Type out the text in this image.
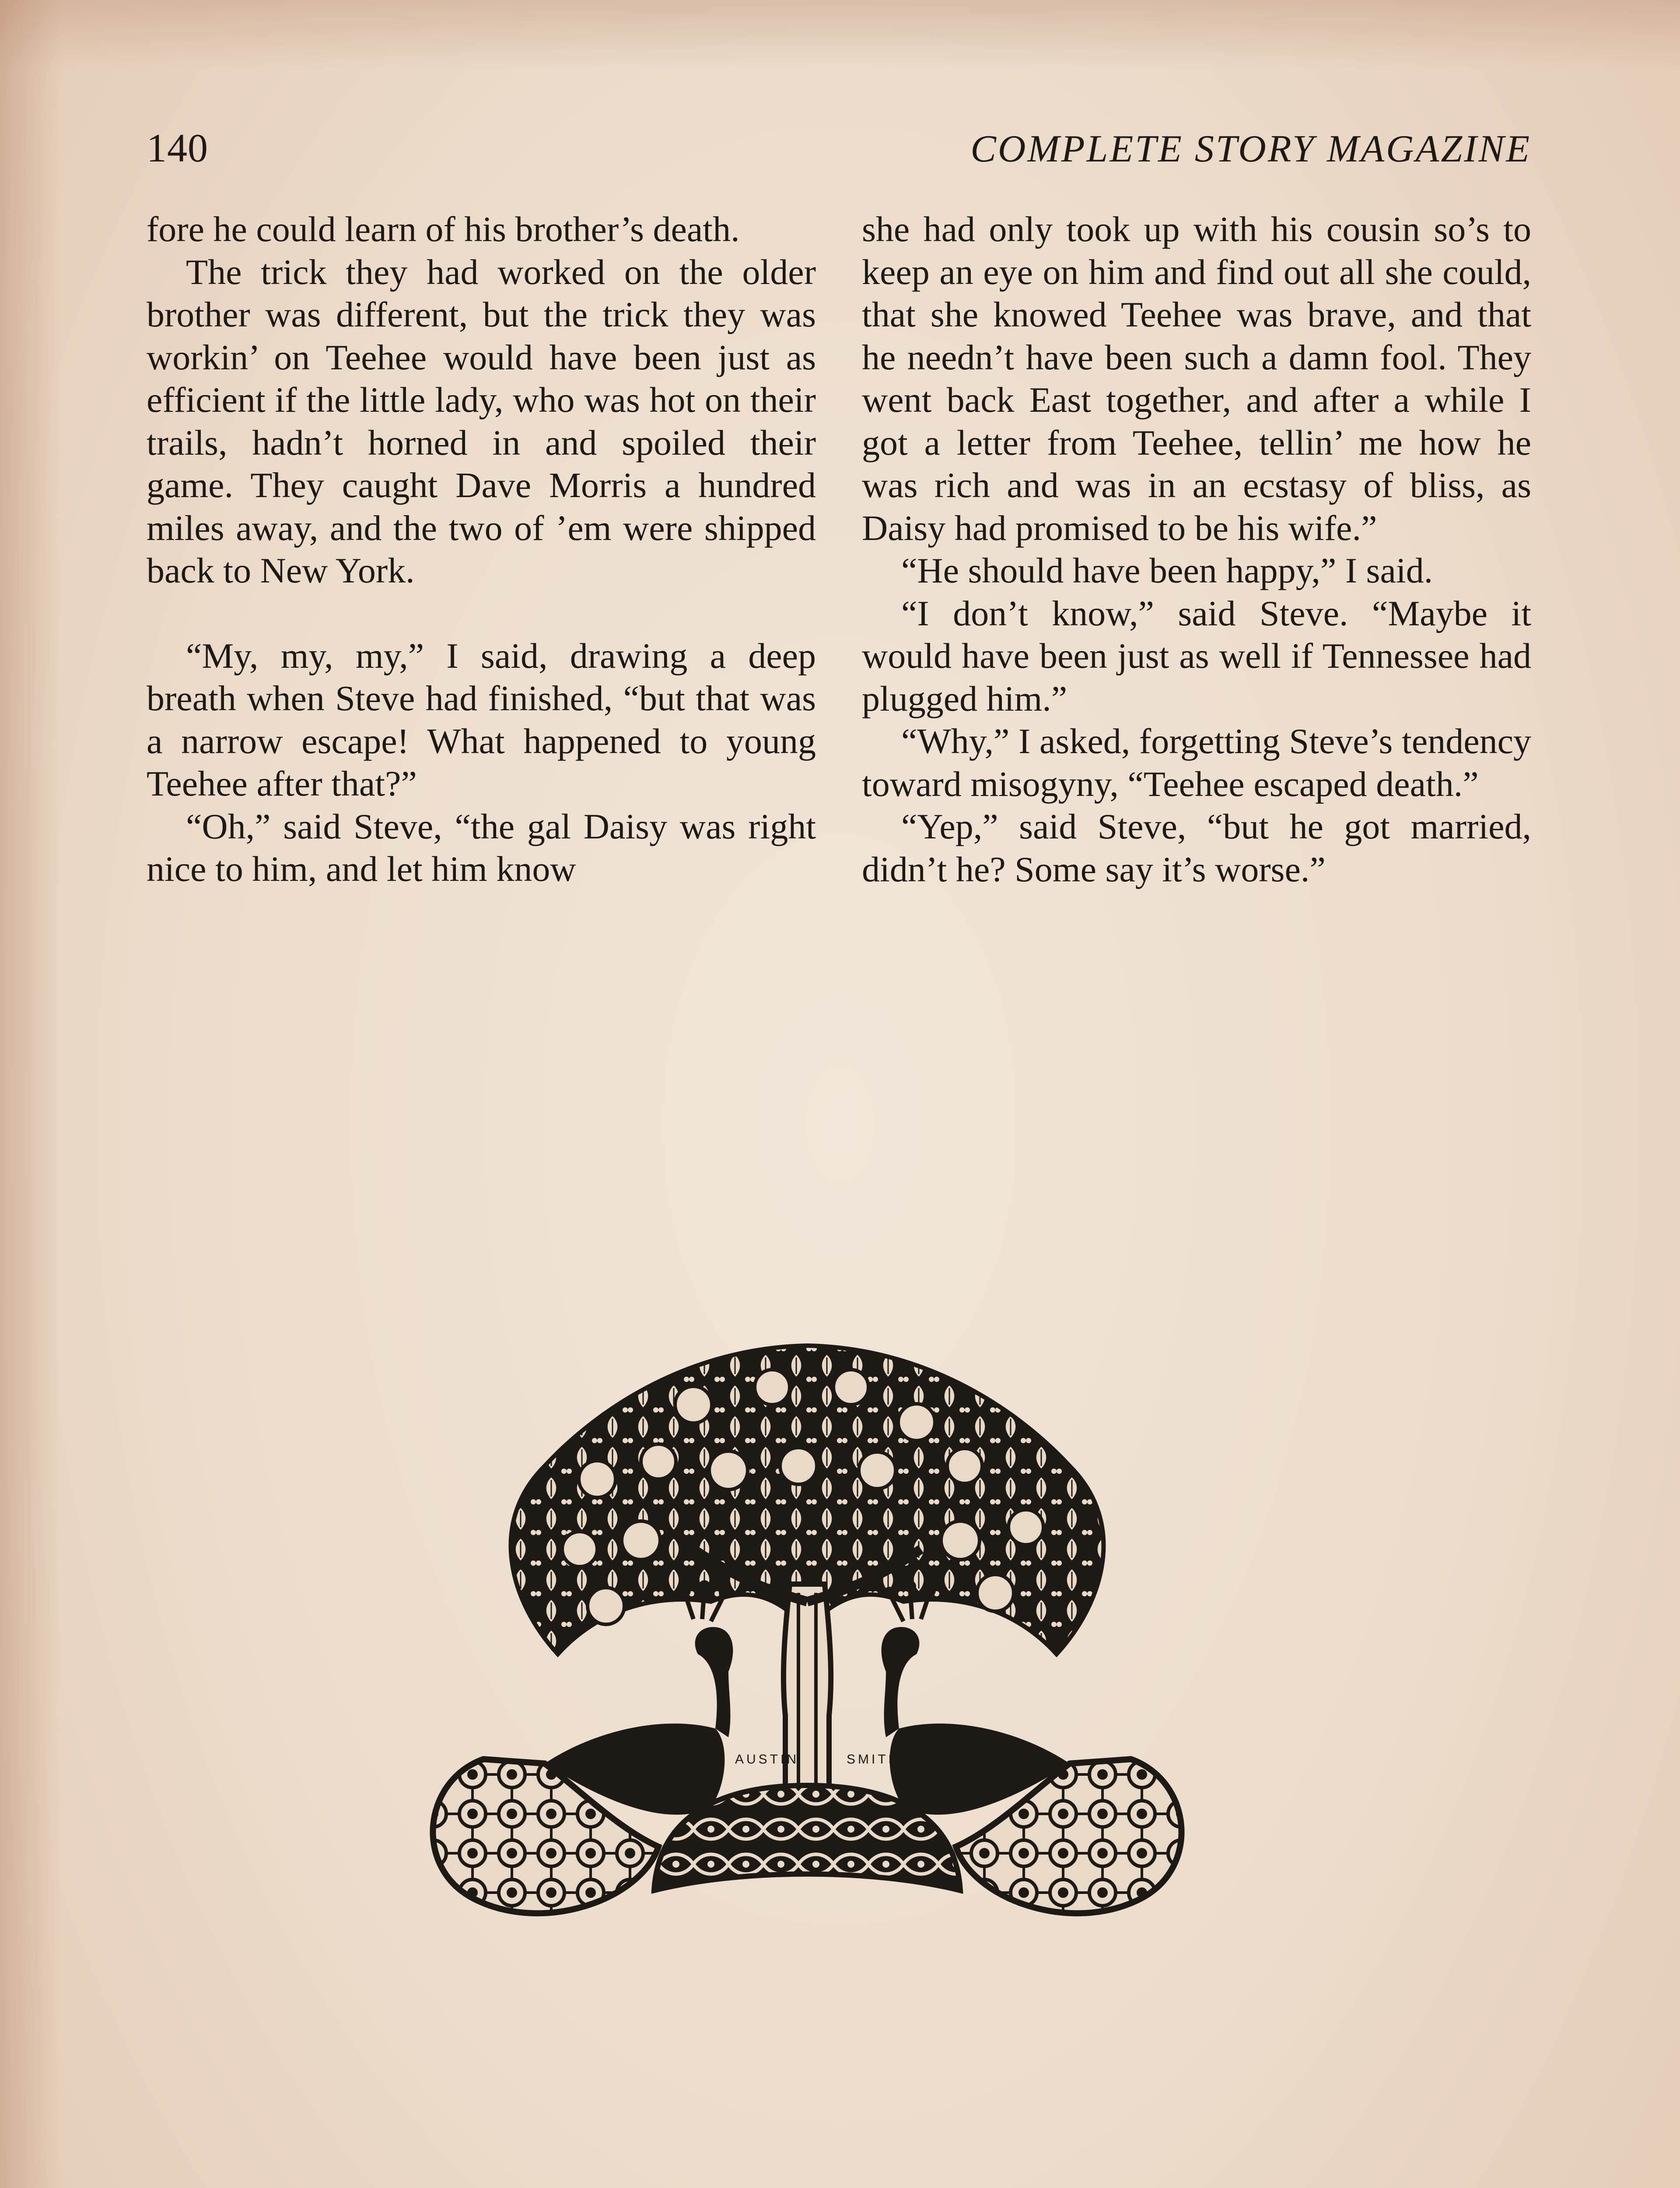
140	COMPLETE STORY MAGAZINE

fore he could learn of his brother’s death.

The trick they had worked on the older brother was different, but the trick they was workin’ on Teehee would have been just as efficient if the little lady, who was hot on their trails, hadn’t horned in and spoiled their game. They caught Dave Morris a hundred miles away, and the two of ’em were shipped back to New York.

“My, my, my,” I said, drawing a deep breath when Steve had finished, “but that was a narrow escape! What happened to young Teehee after that?”

“Oh,” said Steve, “the gal Daisy was right nice to him, and let him know

she had only took up with his cousin so’s to keep an eye on him and find out all she could, that she knowed Teehee was brave, and that he needn’t have been such a damn fool. They went back East together, and after a while I got a letter from Teehee, tellin’ me how he was rich and was in an ecstasy of bliss, as Daisy had promised to be his wife.”

“He should have been happy,” I said.

“I don’t know,” said Steve. “Maybe it would have been just as well if Tennessee had plugged him.”

“Why,” I asked, forgetting Steve’s tendency toward misogyny, “Teehee escaped death.”

“Yep,” said Steve, “but he got married, didn’t he? Some say it’s worse.”

AUSTIN	SMITH
